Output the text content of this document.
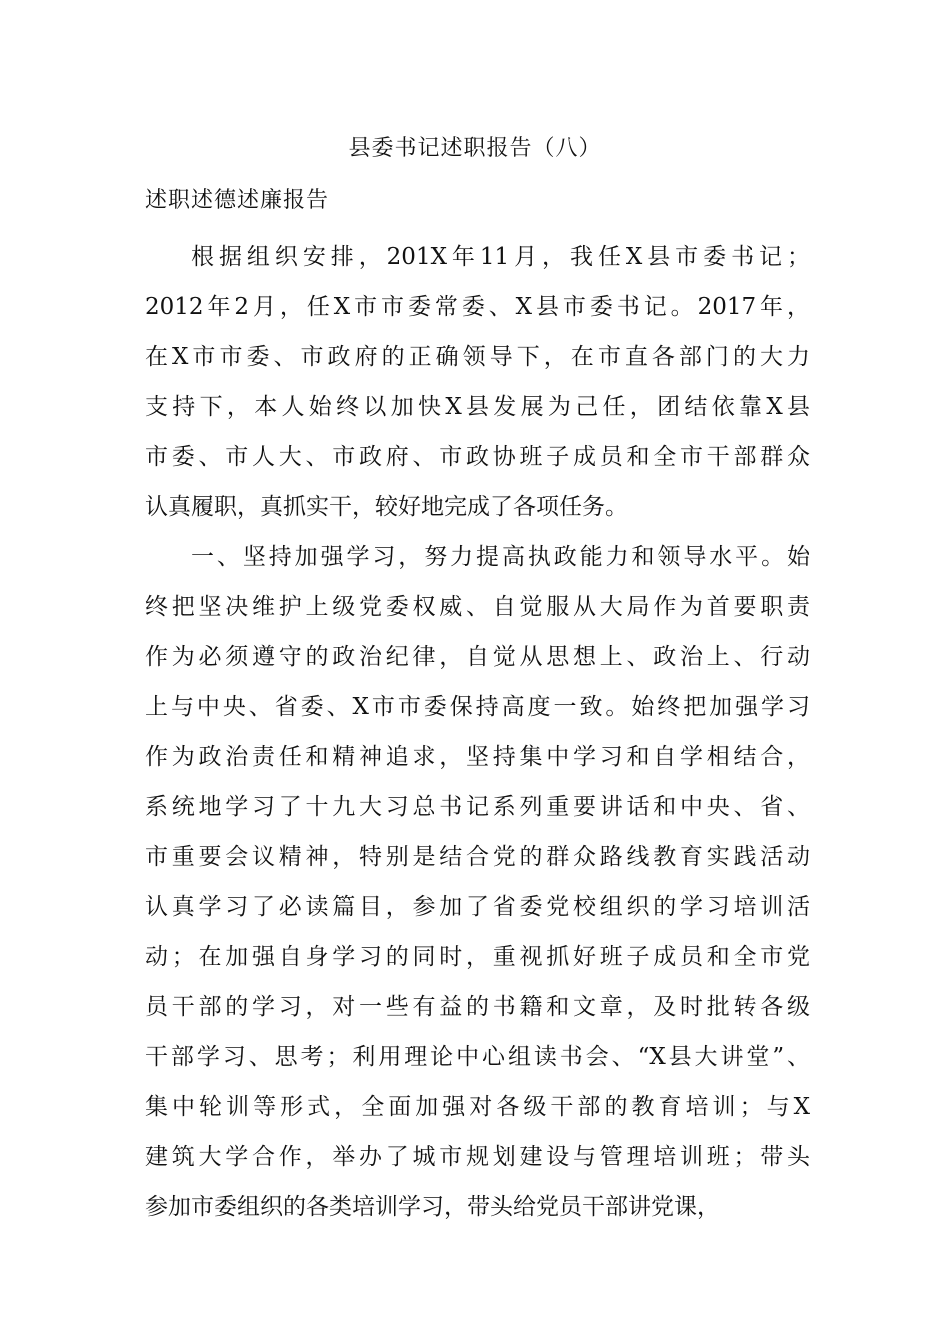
县委书记述职报告（八）
述职述德述廉报告
根据组织安排，201X年11月，我任X县市委书记；
2012年2月，任X市市委常委、X县市委书记。2017年，
在X市市委、市政府的正确领导下，在市直各部门的大力
支持下，本人始终以加快X县发展为己任，团结依靠X县
市委、市人大、市政府、市政协班子成员和全市干部群众
认真履职，真抓实干，较好地完成了各项任务。
一、坚持加强学习，努力提高执政能力和领导水平。始
终把坚决维护上级党委权威、自觉服从大局作为首要职责
作为必须遵守的政治纪律，自觉从思想上、政治上、行动
上与中央、省委、X市市委保持高度一致。始终把加强学习
作为政治责任和精神追求，坚持集中学习和自学相结合，
系统地学习了十九大习总书记系列重要讲话和中央、省、
市重要会议精神，特别是结合党的群众路线教育实践活动
认真学习了必读篇目，参加了省委党校组织的学习培训活
动；在加强自身学习的同时，重视抓好班子成员和全市党
员干部的学习，对一些有益的书籍和文章，及时批转各级
干部学习、思考；利用理论中心组读书会、“X县大讲堂”、
集中轮训等形式，全面加强对各级干部的教育培训；与X
建筑大学合作，举办了城市规划建设与管理培训班；带头
参加市委组织的各类培训学习，带头给党员干部讲党课，
